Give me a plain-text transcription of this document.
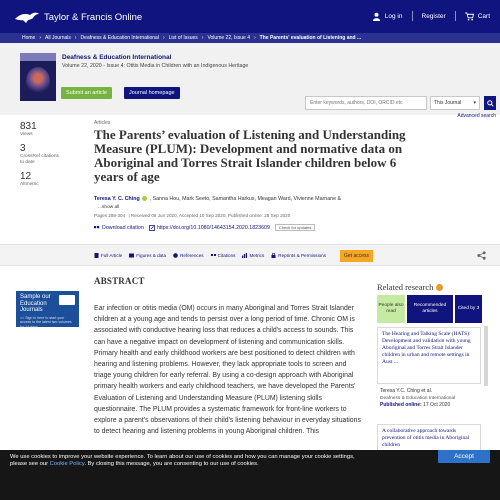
Taylor & Francis Online	Log in	Register	Cart
Home › All Journals › Deafness & Education International › List of Issues › Volume 22, Issue 4 › The Parents' evaluation of Listening and ...
Deafness & Education International
Volume 22, 2020 - Issue 4: Otitis Media in Children with an Indigenous Heritage
Submit an article	Journal homepage
Enter keywords, authors, DOI, ORCID etc	This Journal ▾
Advanced search
831
Views
3
CrossRef citations to date
12
Altmetric
Articles
The Parents’ evaluation of Listening and Understanding Measure (PLUM): Development and normative data on Aboriginal and Torres Strait Islander children below 6 years of age
Teresa Y. C. Ching , Sanna Hou, Mark Seeto, Samantha Harkus, Meagan Ward, Vivienne Marnane &
...show all
Pages 288-304 | Received 06 Jun 2020, Accepted 10 Sep 2020, Published online: 25 Sep 2020
Download citation https://doi.org/10.1080/14643154.2020.1823609	Check for updates
Full Article	Figures & data	References	Citations	Metrics	Reprints & Permissions	Get access
Sample our Education Journals
>> Sign in here to start your access to the latest two volumes for 14 days
ABSTRACT

Ear infection or otitis media (OM) occurs in many Aboriginal and Torres Strait Islander children at a young age and tends to persist over a long period of time. Chronic OM is associated with conductive hearing loss that reduces a child's access to sounds. This can have a negative impact on development of listening and communication skills. Primary health and early childhood workers are best positioned to detect children with hearing and listening problems. However, they lack appropriate tools to screen and triage young children for early referral. By using a co-design approach with Aboriginal primary health workers and early childhood teachers, we have developed the Parents' Evaluation of Listening and Understanding Measure (PLUM) listening skills questionnaire. The PLUM provides a systematic framework for front-line workers to explore a parent's observations of their child's listening behaviour in everyday situations to detect hearing and listening problems in young Aboriginal children. This

Related research
People also read
Recommended articles
Cited by 3
The Hearing and Talking Scale (HATS): Development and validation with young Aboriginal and Torres Strait Islander children in urban and remote settings in Aust ...
Teresa Y.C. Ching et al.
Deafness & Education International
Published online: 17 Oct 2020
A collaborative approach towards prevention of otitis media in Aboriginal children
We use cookies to improve your website experience. To learn about our use of cookies and how you can manage your cookie settings,
please see our Cookie Policy. By closing this message, you are consenting to our use of cookies.
Accept
